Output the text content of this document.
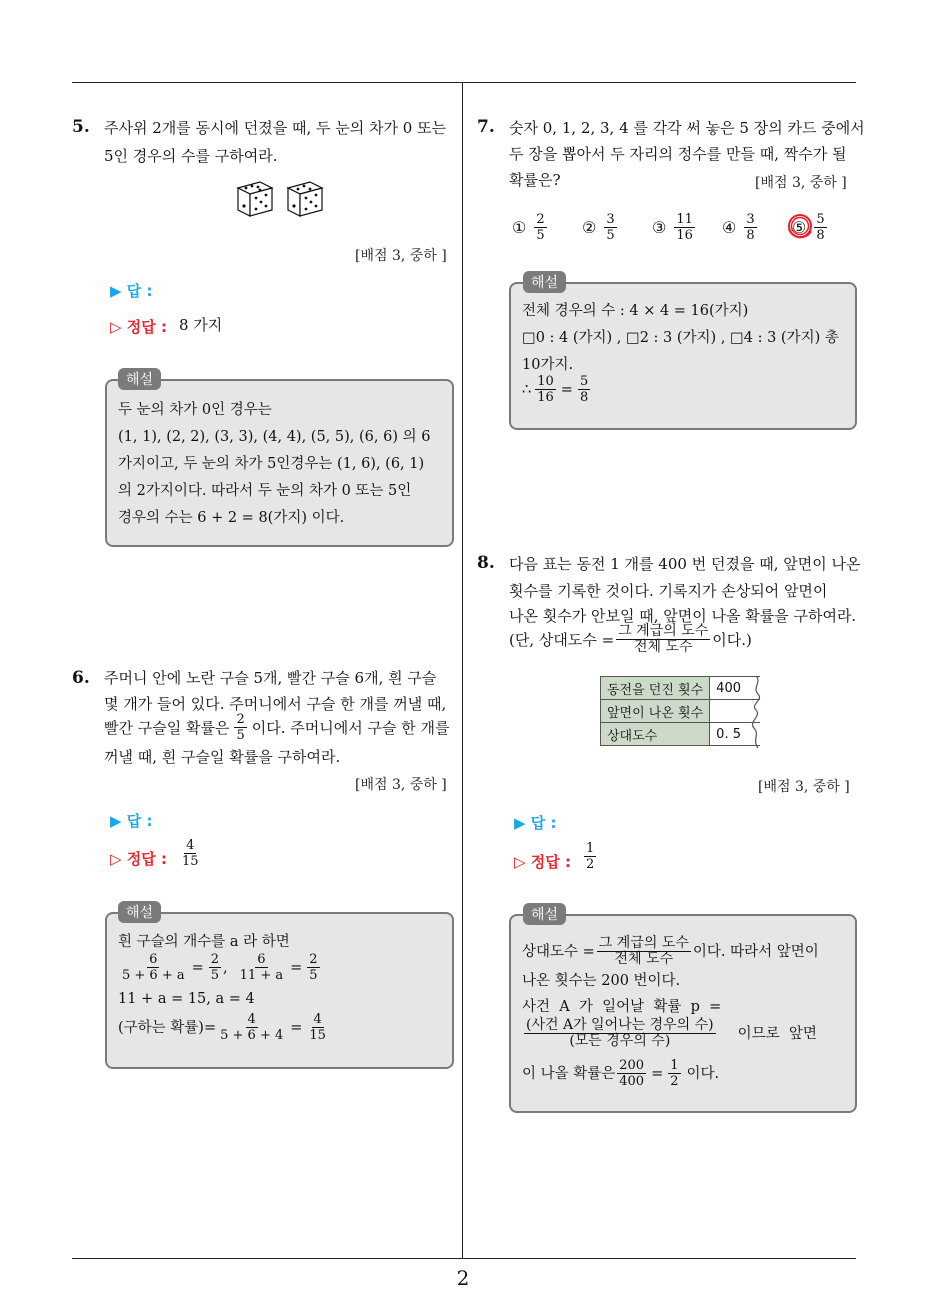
5. 주사위 2개를 동시에 던졌을 때, 두 눈의 차가 0 또는
5인 경우의 수를 구하여라.
[배점 3, 중하 ]
▶ 답 :
▷ 정답 : 8 가지
해설
두 눈의 차가 0인 경우는
(1, 1), (2, 2), (3, 3), (4, 4), (5, 5), (6, 6) 의 6
가지이고, 두 눈의 차가 5인경우는 (1, 6), (6, 1)
의 2가지이다. 따라서 두 눈의 차가 0 또는 5인
경우의 수는 6 + 2 = 8(가지) 이다.
6. 주머니 안에 노란 구슬 5개, 빨간 구슬 6개, 흰 구슬
몇 개가 들어 있다. 주머니에서 구슬 한 개를 꺼낼 때,
빨간 구슬일 확률은 $\frac{2}{5}$ 이다. 주머니에서 구슬 한 개를
꺼낼 때, 흰 구슬일 확률을 구하여라.
[배점 3, 중하 ]
▶ 답 :
▷ 정답 : $\frac{4}{15}$
해설
흰 구슬의 개수를 a 라 하면
$\frac{6}{5 + 6 + a} = \frac{2}{5}$ , $\frac{6}{11 + a} = \frac{2}{5}$
11 + a = 15, a = 4
(구하는 확률)= $\frac{4}{5 + 6 + 4} = \frac{4}{15}$
7. 숫자 0, 1, 2, 3, 4 를 각각 써 놓은 5 장의 카드 중에서
두 장을 뽑아서 두 자리의 정수를 만들 때, 짝수가 될
확률은?	[배점 3, 중하 ]
① $\frac{2}{5}$ ② $\frac{3}{5}$ ③ $\frac{11}{16}$ ④ $\frac{3}{8}$ ⑤ $\frac{5}{8}$
해설
전체 경우의 수 : 4 × 4 = 16(가지)
□0 : 4 (가지) , □2 : 3 (가지) , □4 : 3 (가지) 총
10가지.
∴ $\frac{10}{16} = \frac{5}{8}$
8. 다음 표는 동전 1 개를 400 번 던졌을 때, 앞면이 나온
횟수를 기록한 것이다. 기록지가 손상되어 앞면이
나온 횟수가 안보일 때, 앞면이 나올 확률을 구하여라.
(단, 상대도수 = $\frac{\text{그 계급의 도수}}{\text{전체 도수}}$ 이다.)
동전을 던진 횟수	400
앞면이 나온 횟수	
상대도수	0. 5
[배점 3, 중하 ]
▶ 답 :
▷ 정답 : $\frac{1}{2}$
해설
상대도수 = $\frac{\text{그 계급의 도수}}{\text{전체 도수}}$ 이다. 따라서 앞면이
나온 횟수는 200 번이다.
사건  A  가  일어날  확률  p  =
$\frac{\text{(사건 A가 일어나는 경우의 수)}}{\text{(모든 경우의 수)}}$ 이므로  앞면
이 나올 확률은 $\frac{200}{400} = \frac{1}{2}$ 이다.
2
